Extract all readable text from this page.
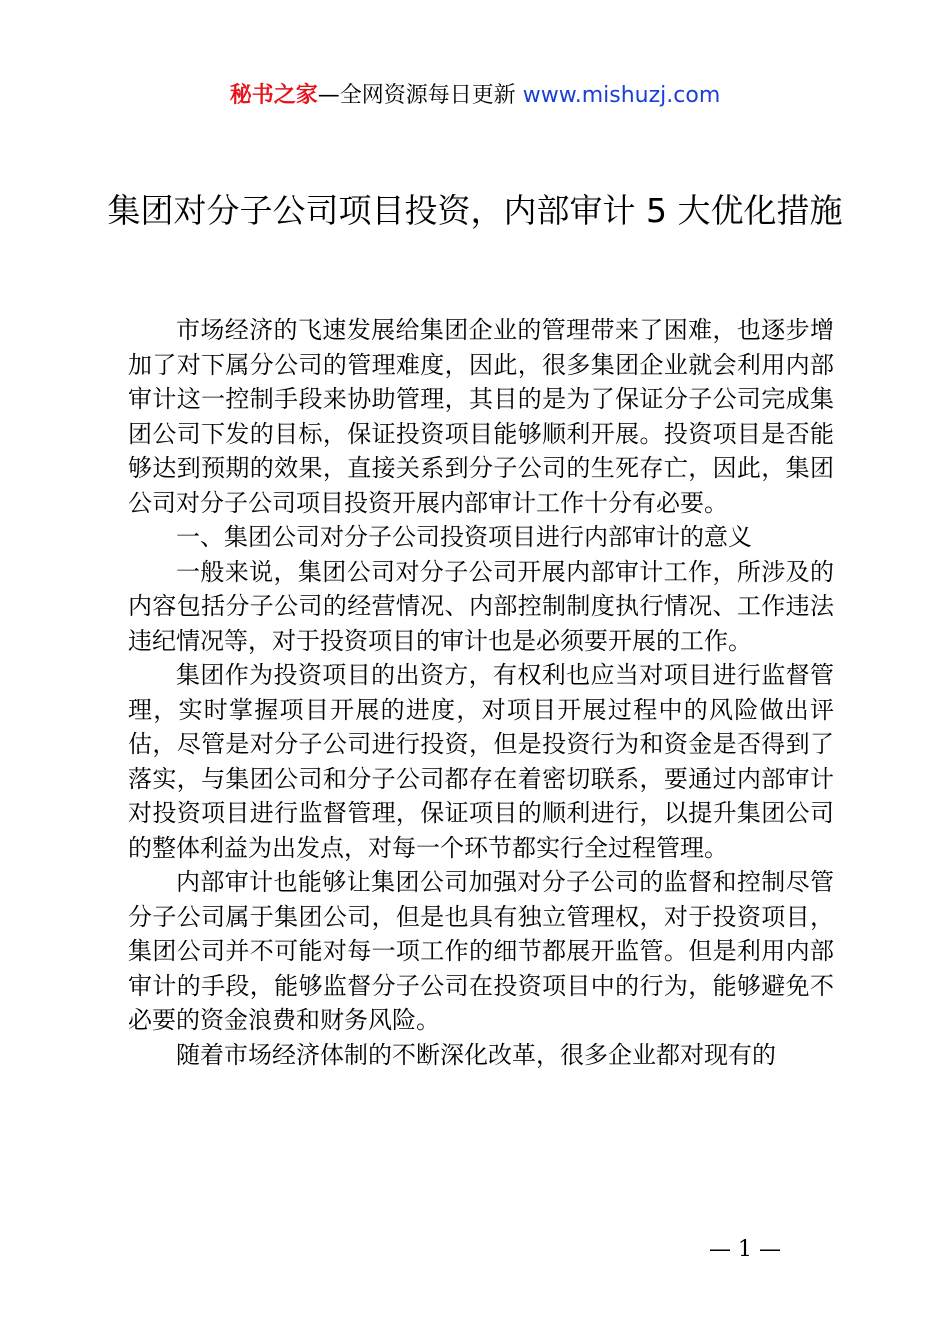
秘书之家—全网资源每日更新 www.mishuzj.com
集团对分子公司项目投资，内部审计 5 大优化措施

市场经济的飞速发展给集团企业的管理带来了困难，也逐步增加了对下属分公司的管理难度，因此，很多集团企业就会利用内部审计这一控制手段来协助管理，其目的是为了保证分子公司完成集团公司下发的目标，保证投资项目能够顺利开展。投资项目是否能够达到预期的效果，直接关系到分子公司的生死存亡，因此，集团公司对分子公司项目投资开展内部审计工作十分有必要。

一、集团公司对分子公司投资项目进行内部审计的意义

一般来说，集团公司对分子公司开展内部审计工作，所涉及的内容包括分子公司的经营情况、内部控制制度执行情况、工作违法违纪情况等，对于投资项目的审计也是必须要开展的工作。

集团作为投资项目的出资方，有权利也应当对项目进行监督管理，实时掌握项目开展的进度，对项目开展过程中的风险做出评估，尽管是对分子公司进行投资，但是投资行为和资金是否得到了落实，与集团公司和分子公司都存在着密切联系，要通过内部审计对投资项目进行监督管理，保证项目的顺利进行，以提升集团公司的整体利益为出发点，对每一个环节都实行全过程管理。

内部审计也能够让集团公司加强对分子公司的监督和控制尽管分子公司属于集团公司，但是也具有独立管理权，对于投资项目，集团公司并不可能对每一项工作的细节都展开监管。但是利用内部审计的手段，能够监督分子公司在投资项目中的行为，能够避免不必要的资金浪费和财务风险。

随着市场经济体制的不断深化改革，很多企业都对现有的

— 1 —
